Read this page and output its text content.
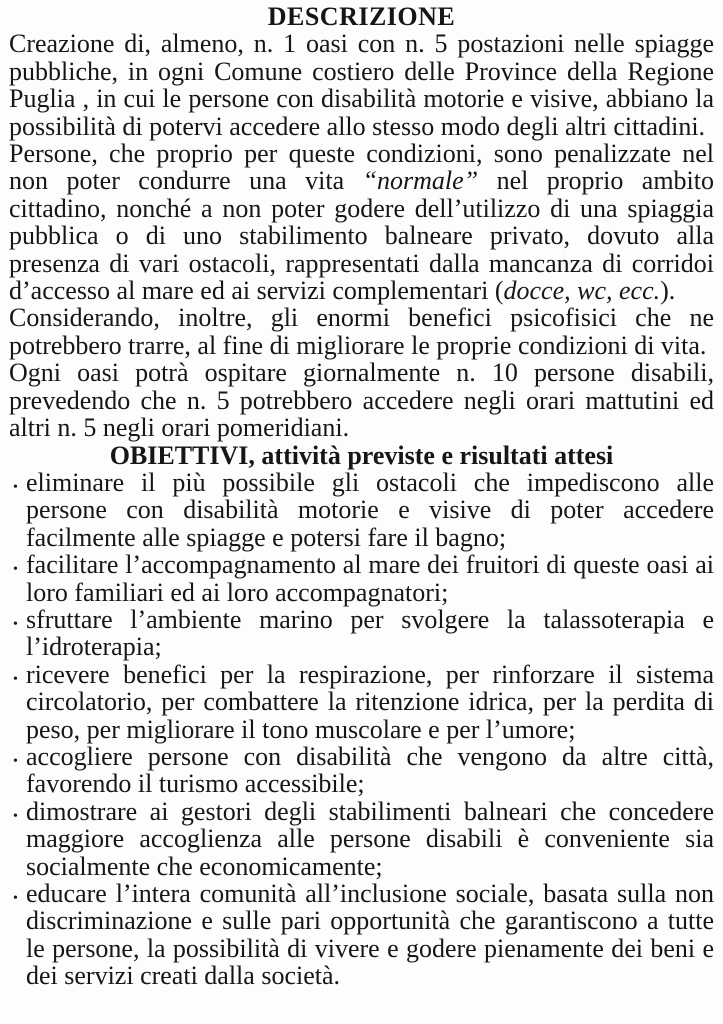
DESCRIZIONE

Creazione di, almeno, n. 1 oasi con n. 5 postazioni nelle spiagge pubbliche, in ogni Comune costiero delle Province della Regione Puglia , in cui le persone con disabilità motorie e visive, abbiano la possibilità di potervi accedere allo stesso modo degli altri cittadini.

Persone, che proprio per queste condizioni, sono penalizzate nel non poter condurre una vita “normale” nel proprio ambito cittadino, nonché a non poter godere dell’utilizzo di una spiaggia pubblica o di uno stabilimento balneare privato, dovuto alla presenza di vari ostacoli, rappresentati dalla mancanza di corridoi d’accesso al mare ed ai servizi complementari (docce, wc, ecc.).

Considerando, inoltre, gli enormi benefici psicofisici che ne potrebbero trarre, al fine di migliorare le proprie condizioni di vita.

Ogni oasi potrà ospitare giornalmente n. 10 persone disabili, prevedendo che n. 5 potrebbero accedere negli orari mattutini ed altri n. 5 negli orari pomeridiani.

OBIETTIVI, attività previste e risultati attesi
• eliminare il più possibile gli ostacoli che impediscono alle persone con disabilità motorie e visive di poter accedere facilmente alle spiagge e potersi fare il bagno;
• facilitare l’accompagnamento al mare dei fruitori di queste oasi ai loro familiari ed ai loro accompagnatori;
• sfruttare l’ambiente marino per svolgere la talassoterapia e l’idroterapia;
• ricevere benefici per la respirazione, per rinforzare il sistema circolatorio, per combattere la ritenzione idrica, per la perdita di peso, per migliorare il tono muscolare e per l’umore;
• accogliere persone con disabilità che vengono da altre città, favorendo il turismo accessibile;
• dimostrare ai gestori degli stabilimenti balneari che concedere maggiore accoglienza alle persone disabili è conveniente sia socialmente che economicamente;
• educare l’intera comunità all’inclusione sociale, basata sulla non discriminazione e sulle pari opportunità che garantiscono a tutte le persone, la possibilità di vivere e godere pienamente dei beni e dei servizi creati dalla società.
